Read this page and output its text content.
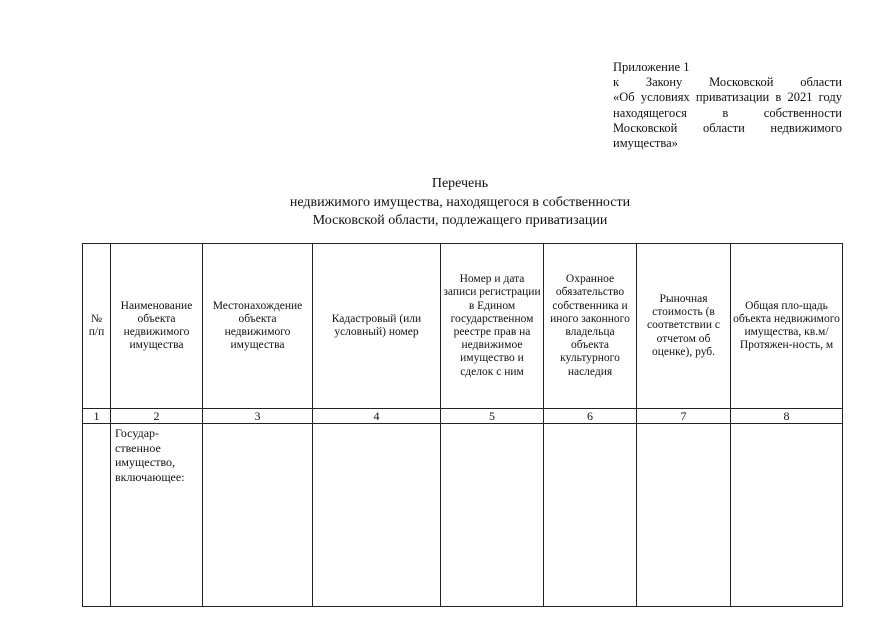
Приложение 1
к Закону Московской области
«Об условиях приватизации в 2021 году
находящегося в собственности
Московской области недвижимого
имущества»
Перечень
недвижимого имущества, находящегося в собственности
Московской области, подлежащего приватизации
№ п/п	Наименование объекта недвижимого имущества	Местонахождение объекта недвижимого имущества	Кадастровый (или условный) номер	Номер и дата записи регистрации в Едином государственном реестре прав на недвижимое имущество и сделок с ним	Охранное обязательство собственника и иного законного владельца объекта культурного наследия	Рыночная стоимость (в соответствии с отчетом об оценке), руб.	Общая пло-щадь объекта недвижимого имущества, кв.м/Протяжен-ность, м
1	2	3	4	5	6	7	8
	Государ-ственное имущество, включающее:						
